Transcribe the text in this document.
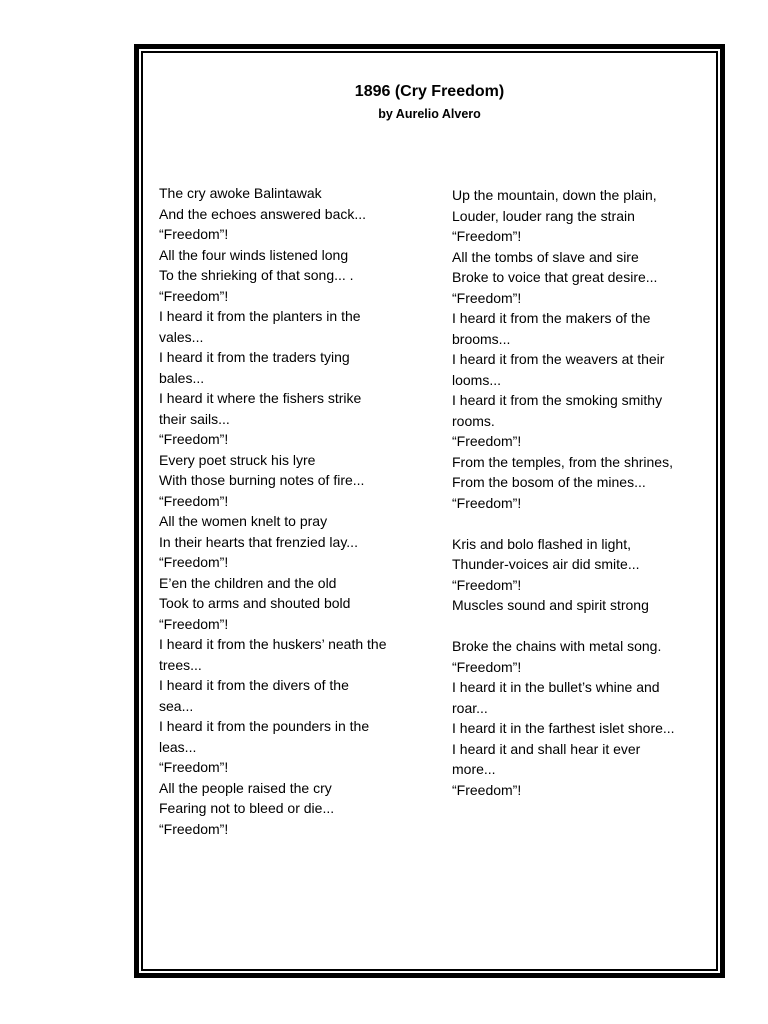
1896 (Cry Freedom)
by Aurelio Alvero
The cry awoke Balintawak
And the echoes answered back...
“Freedom”!
All the four winds listened long
To the shrieking of that song... .
“Freedom”!
I heard it from the planters in the
vales...
I heard it from the traders tying
bales...
I heard it where the fishers strike
their sails...
“Freedom”!
Every poet struck his lyre
With those burning notes of fire...
“Freedom”!
All the women knelt to pray
In their hearts that frenzied lay...
“Freedom”!
E’en the children and the old
Took to arms and shouted bold
“Freedom”!
I heard it from the huskers’ neath the
trees...
I heard it from the divers of the
sea...
I heard it from the pounders in the
leas...
“Freedom”!
All the people raised the cry
Fearing not to bleed or die...
“Freedom”!
Up the mountain, down the plain,
Louder, louder rang the strain
“Freedom”!
All the tombs of slave and sire
Broke to voice that great desire...
“Freedom”!
I heard it from the makers of the
brooms...
I heard it from the weavers at their
looms...
I heard it from the smoking smithy
rooms.
“Freedom”!
From the temples, from the shrines,
From the bosom of the mines...
“Freedom”!
Kris and bolo flashed in light,
Thunder-voices air did smite...
“Freedom”!
Muscles sound and spirit strong
Broke the chains with metal song.
“Freedom”!
I heard it in the bullet’s whine and
roar...
I heard it in the farthest islet shore...
I heard it and shall hear it ever
more...
“Freedom”!
